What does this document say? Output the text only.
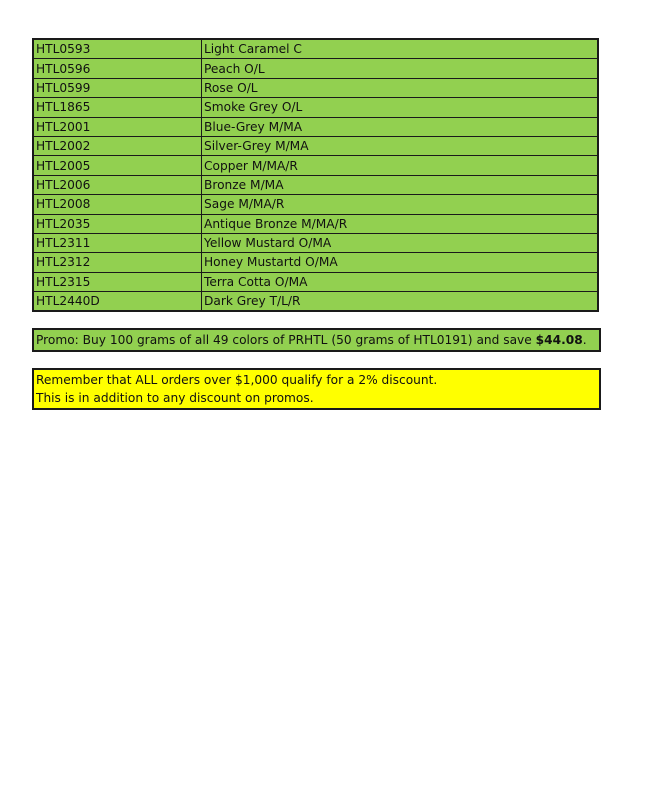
HTL0593	Light Caramel C
HTL0596	Peach O/L
HTL0599	Rose O/L
HTL1865	Smoke Grey O/L
HTL2001	Blue-Grey M/MA
HTL2002	Silver-Grey M/MA
HTL2005	Copper M/MA/R
HTL2006	Bronze M/MA
HTL2008	Sage M/MA/R
HTL2035	Antique Bronze M/MA/R
HTL2311	Yellow Mustard O/MA
HTL2312	Honey Mustartd O/MA
HTL2315	Terra Cotta O/MA
HTL2440D	Dark Grey T/L/R
Promo: Buy 100 grams of all 49 colors of PRHTL (50 grams of HTL0191) and save $44.08.
Remember that ALL orders over $1,000 qualify for a 2% discount.
This is in addition to any discount on promos.
